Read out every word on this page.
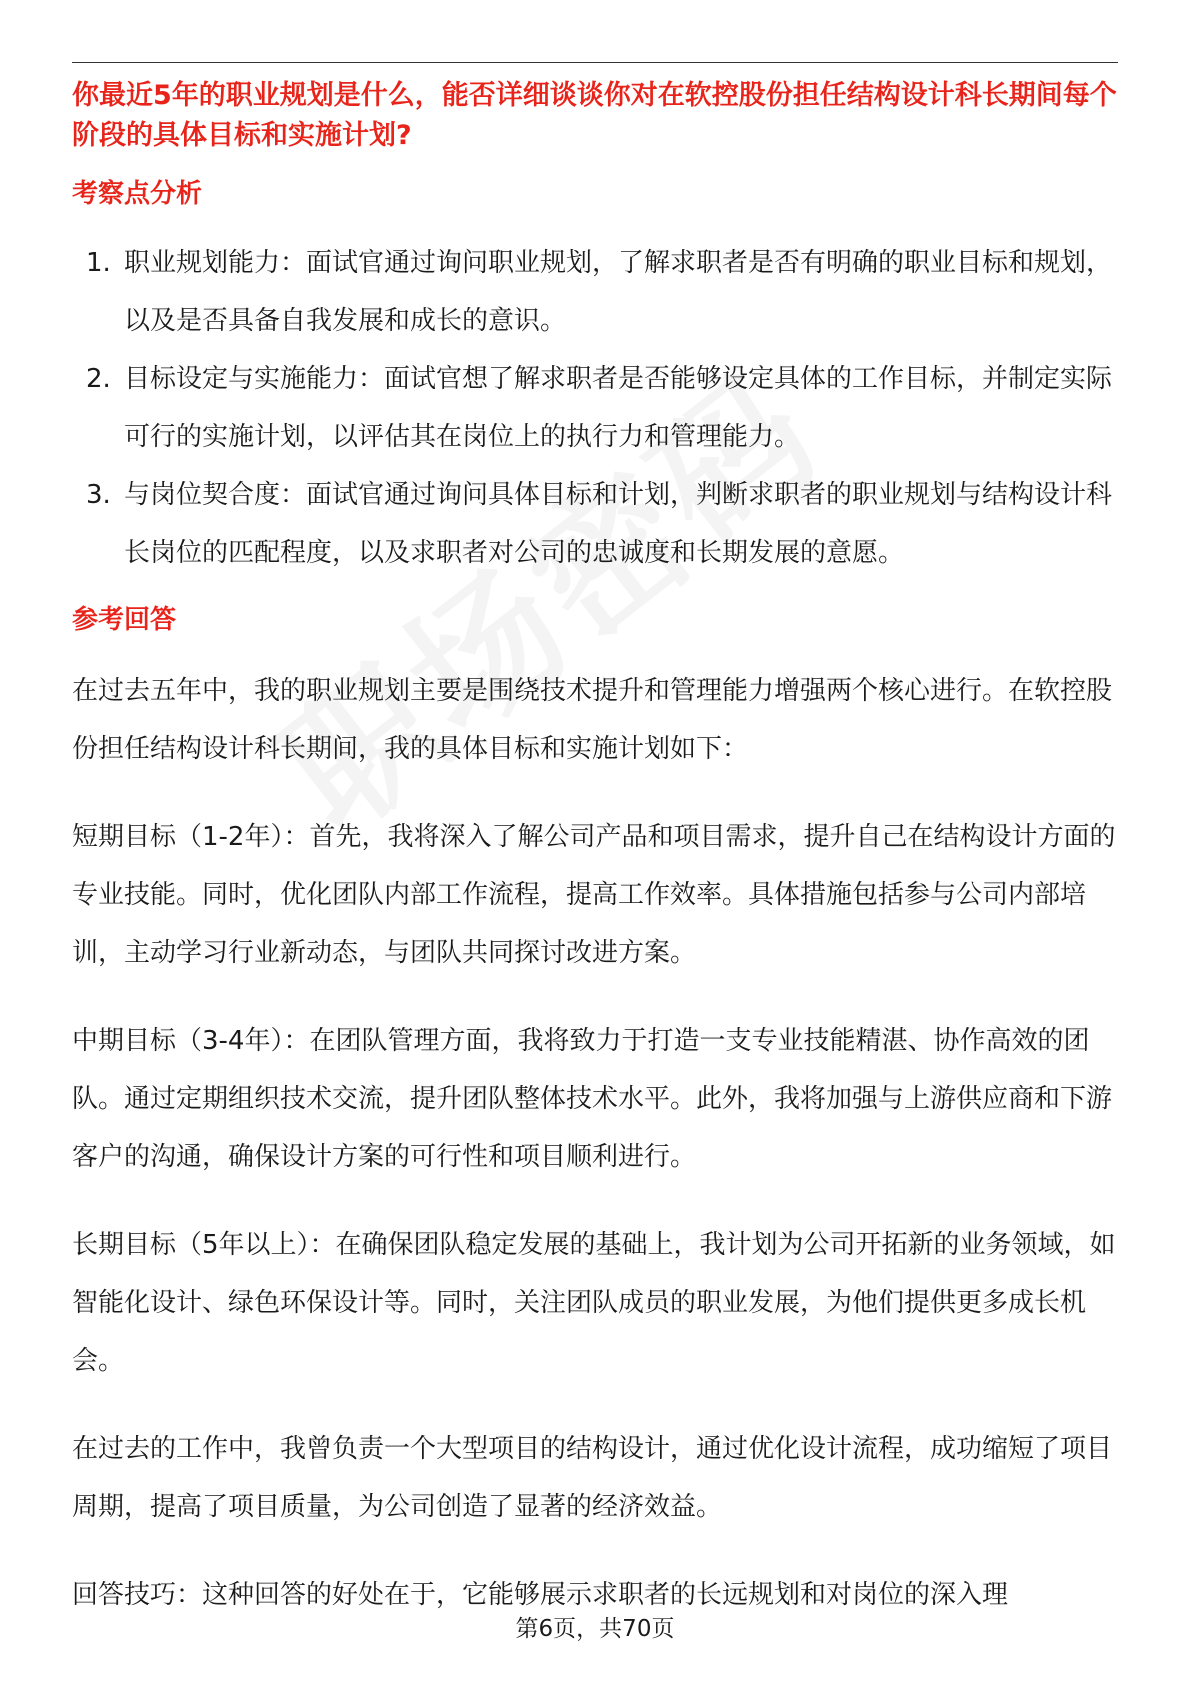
你最近5年的职业规划是什么，能否详细谈谈你对在软控股份担任结构设计科长期间每个阶段的具体目标和实施计划?

考察点分析

1. 职业规划能力：面试官通过询问职业规划，了解求职者是否有明确的职业目标和规划，以及是否具备自我发展和成长的意识。
2. 目标设定与实施能力：面试官想了解求职者是否能够设定具体的工作目标，并制定实际可行的实施计划，以评估其在岗位上的执行力和管理能力。
3. 与岗位契合度：面试官通过询问具体目标和计划，判断求职者的职业规划与结构设计科长岗位的匹配程度，以及求职者对公司的忠诚度和长期发展的意愿。

参考回答

在过去五年中，我的职业规划主要是围绕技术提升和管理能力增强两个核心进行。在软控股份担任结构设计科长期间，我的具体目标和实施计划如下：

短期目标（1-2年）：首先，我将深入了解公司产品和项目需求，提升自己在结构设计方面的专业技能。同时，优化团队内部工作流程，提高工作效率。具体措施包括参与公司内部培训，主动学习行业新动态，与团队共同探讨改进方案。

中期目标（3-4年）：在团队管理方面，我将致力于打造一支专业技能精湛、协作高效的团队。通过定期组织技术交流，提升团队整体技术水平。此外，我将加强与上游供应商和下游客户的沟通，确保设计方案的可行性和项目顺利进行。

长期目标（5年以上）：在确保团队稳定发展的基础上，我计划为公司开拓新的业务领域，如智能化设计、绿色环保设计等。同时，关注团队成员的职业发展，为他们提供更多成长机会。

在过去的工作中，我曾负责一个大型项目的结构设计，通过优化设计流程，成功缩短了项目周期，提高了项目质量，为公司创造了显著的经济效益。

回答技巧：这种回答的好处在于，它能够展示求职者的长远规划和对岗位的深入理

第6页，共70页
